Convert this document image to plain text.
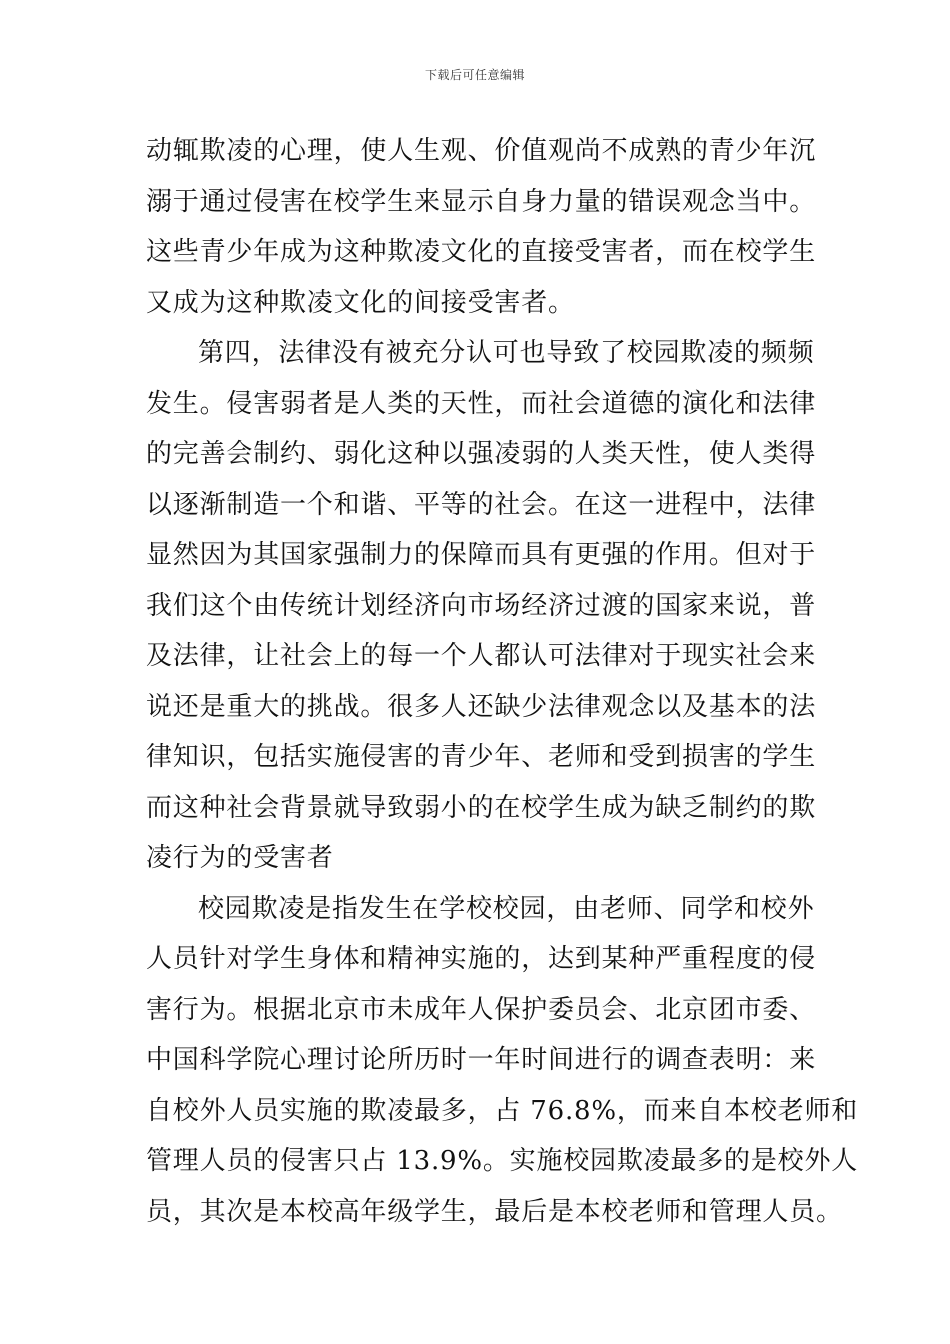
下载后可任意编辑
动辄欺凌的心理，使人生观、价值观尚不成熟的青少年沉
溺于通过侵害在校学生来显示自身力量的错误观念当中。
这些青少年成为这种欺凌文化的直接受害者，而在校学生
又成为这种欺凌文化的间接受害者。
第四，法律没有被充分认可也导致了校园欺凌的频频
发生。侵害弱者是人类的天性，而社会道德的演化和法律
的完善会制约、弱化这种以强凌弱的人类天性，使人类得
以逐渐制造一个和谐、平等的社会。在这一进程中，法律
显然因为其国家强制力的保障而具有更强的作用。但对于
我们这个由传统计划经济向市场经济过渡的国家来说，普
及法律，让社会上的每一个人都认可法律对于现实社会来
说还是重大的挑战。很多人还缺少法律观念以及基本的法
律知识，包括实施侵害的青少年、老师和受到损害的学生
而这种社会背景就导致弱小的在校学生成为缺乏制约的欺
凌行为的受害者
校园欺凌是指发生在学校校园，由老师、同学和校外
人员针对学生身体和精神实施的，达到某种严重程度的侵
害行为。根据北京市未成年人保护委员会、北京团市委、
中国科学院心理讨论所历时一年时间进行的调查表明：来
自校外人员实施的欺凌最多，占 76.8%，而来自本校老师和
管理人员的侵害只占 13.9%。实施校园欺凌最多的是校外人
员，其次是本校高年级学生，最后是本校老师和管理人员。
